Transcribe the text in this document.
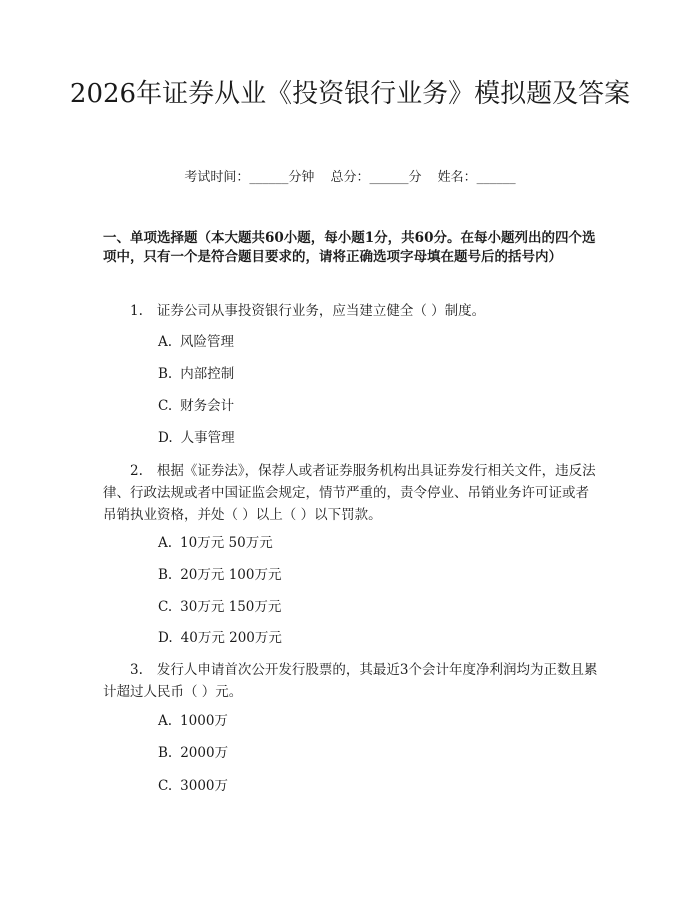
2026年证券从业《投资银行业务》模拟题及答案
考试时间：______分钟 总分：______分 姓名：______

一、单项选择题（本大题共60小题，每小题1分，共60分。在每小题列出的四个选项中，只有一个是符合题目要求的，请将正确选项字母填在题号后的括号内）

1. 证券公司从事投资银行业务，应当建立健全（ ）制度。

A. 风险管理

B. 内部控制

C. 财务会计

D. 人事管理

2. 根据《证券法》，保荐人或者证券服务机构出具证券发行相关文件，违反法律、行政法规或者中国证监会规定，情节严重的，责令停业、吊销业务许可证或者吊销执业资格，并处（ ）以上（ ）以下罚款。

A. 10万元 50万元

B. 20万元 100万元

C. 30万元 150万元

D. 40万元 200万元

3. 发行人申请首次公开发行股票的，其最近3个会计年度净利润均为正数且累计超过人民币（ ）元。

A. 1000万

B. 2000万

C. 3000万
